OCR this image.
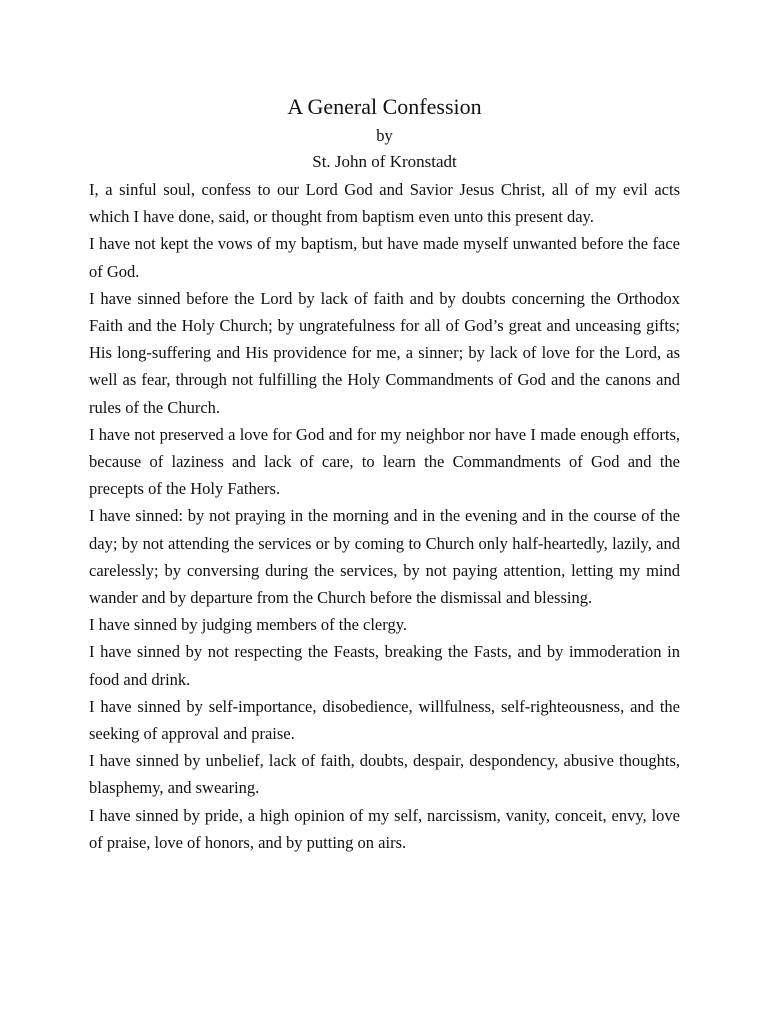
A General Confession
by
St. John of Kronstadt

I, a sinful soul, confess to our Lord God and Savior Jesus Christ, all of my evil acts which I have done, said, or thought from baptism even unto this present day.

I have not kept the vows of my baptism, but have made myself unwanted before the face of God.

I have sinned before the Lord by lack of faith and by doubts concerning the Orthodox Faith and the Holy Church; by ungratefulness for all of God’s great and unceasing gifts; His long-suffering and His providence for me, a sinner; by lack of love for the Lord, as well as fear, through not fulfilling the Holy Commandments of God and the canons and rules of the Church.

I have not preserved a love for God and for my neighbor nor have I made enough efforts, because of laziness and lack of care, to learn the Commandments of God and the precepts of the Holy Fathers.

I have sinned: by not praying in the morning and in the evening and in the course of the day; by not attending the services or by coming to Church only half-heartedly, lazily, and carelessly; by conversing during the services, by not paying attention, letting my mind wander and by departure from the Church before the dismissal and blessing.

I have sinned by judging members of the clergy.

I have sinned by not respecting the Feasts, breaking the Fasts, and by immoderation in food and drink.

I have sinned by self-importance, disobedience, willfulness, self-righteousness, and the seeking of approval and praise.

I have sinned by unbelief, lack of faith, doubts, despair, despondency, abusive thoughts, blasphemy, and swearing.

I have sinned by pride, a high opinion of my self, narcissism, vanity, conceit, envy, love of praise, love of honors, and by putting on airs.
